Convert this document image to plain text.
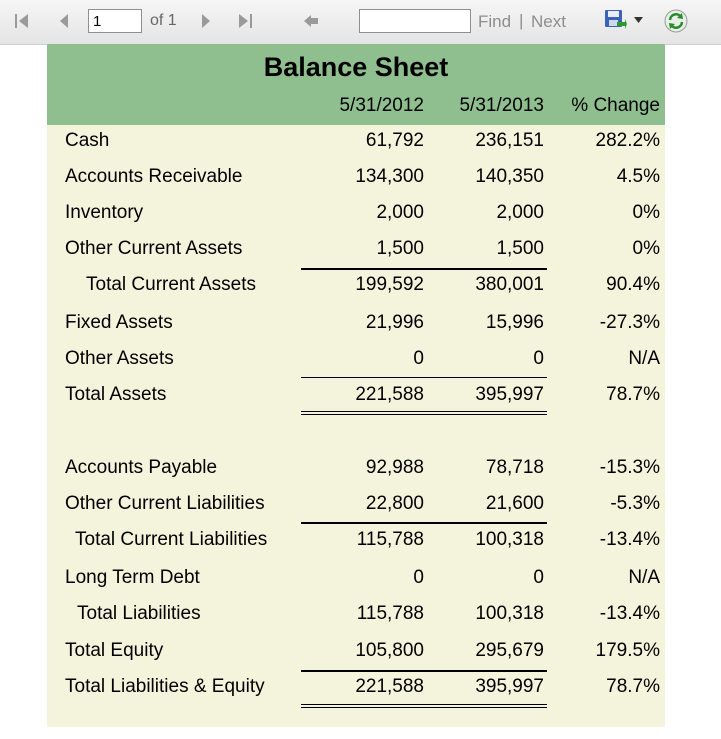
1
of 1	Find | Next
Balance Sheet
5/31/2012 5/31/2013 % Change
Cash	61,792	236,151	282.2%
Accounts Receivable	134,300	140,350	4.5%
Inventory	2,000	2,000	0%
Other Current Assets	1,500	1,500	0%
Total Current Assets	199,592	380,001	90.4%
Fixed Assets	21,996	15,996	-27.3%
Other Assets	0	0	N/A
Total Assets	221,588	395,997	78.7%
Accounts Payable	92,988	78,718	-15.3%
Other Current Liabilities	22,800	21,600	-5.3%
Total Current Liabilities	115,788	100,318	-13.4%
Long Term Debt	0	0	N/A
Total Liabilities	115,788	100,318	-13.4%
Total Equity	105,800	295,679	179.5%
Total Liabilities & Equity	221,588	395,997	78.7%
